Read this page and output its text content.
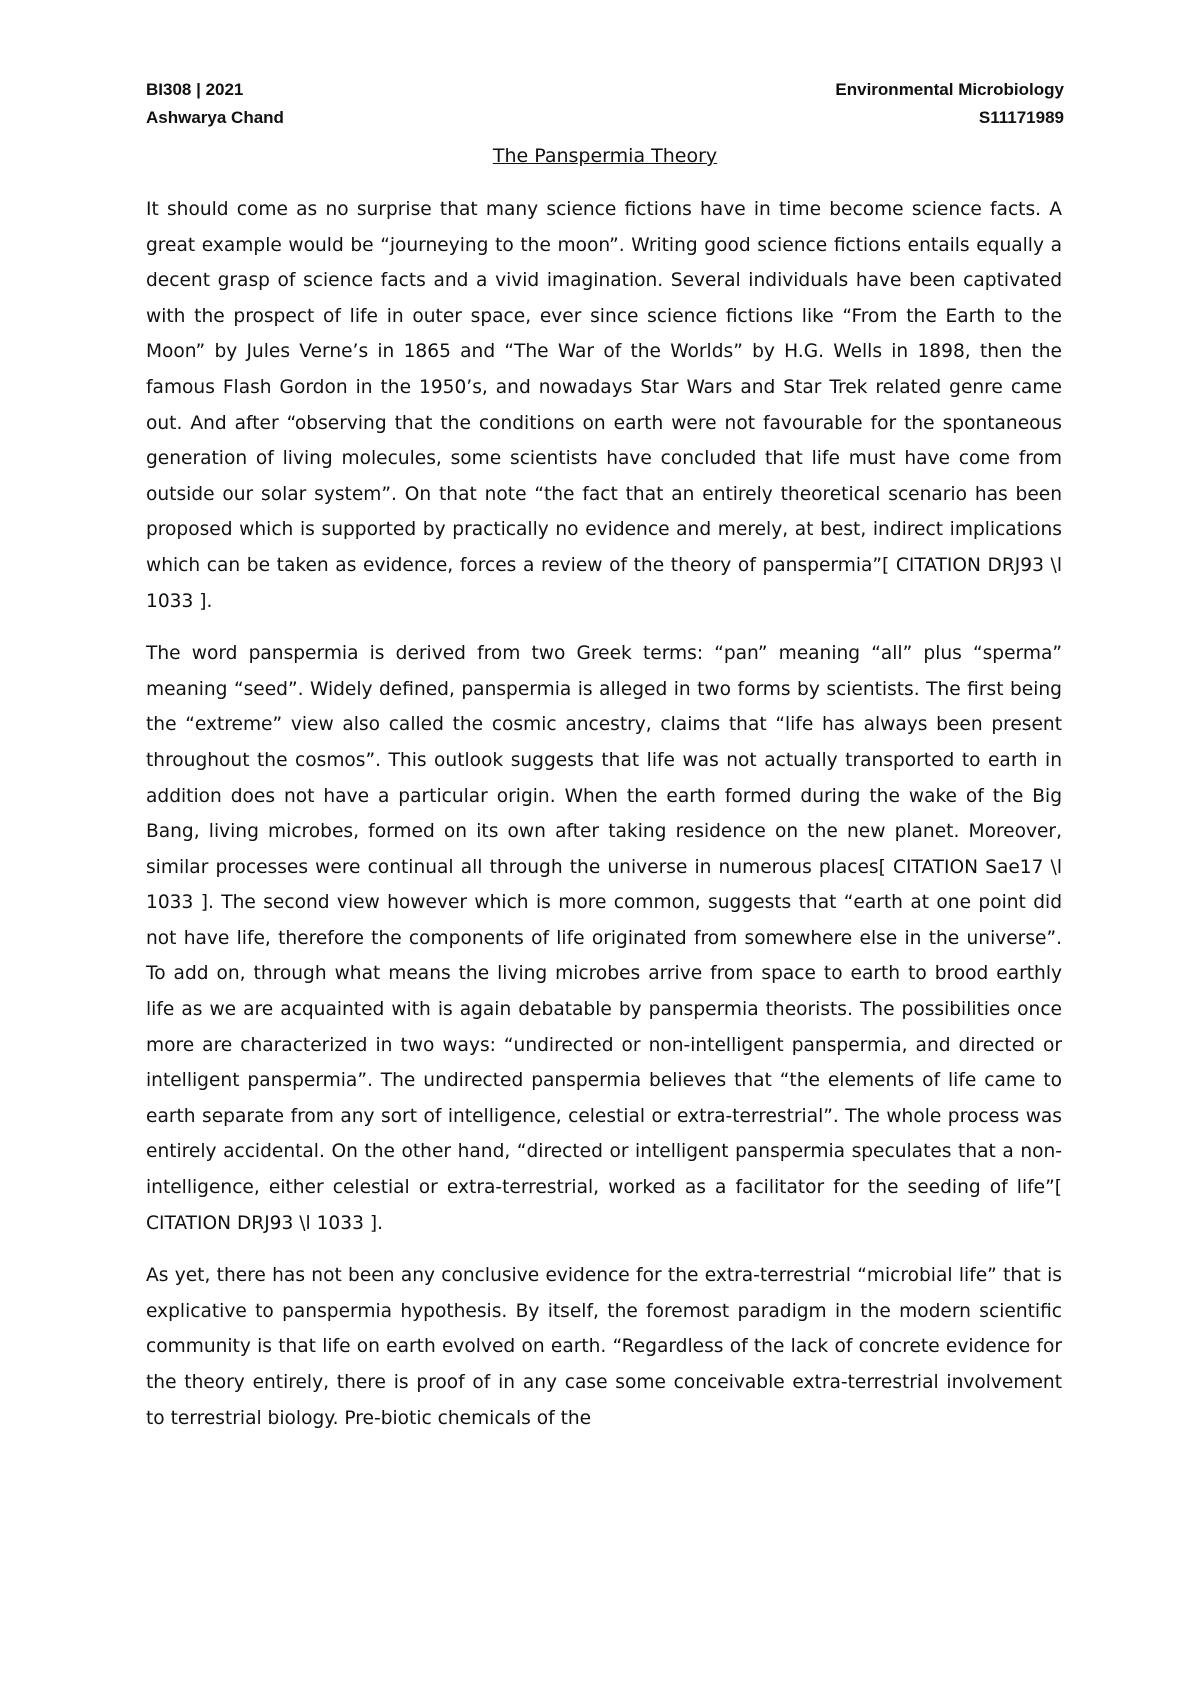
BI308 | 2021
Ashwarya Chand
Environmental Microbiology
S11171989
The Panspermia Theory

It should come as no surprise that many science fictions have in time become science facts. A great example would be “journeying to the moon”. Writing good science fictions entails equally a decent grasp of science facts and a vivid imagination. Several individuals have been captivated with the prospect of life in outer space, ever since science fictions like “From the Earth to the Moon” by Jules Verne’s in 1865 and “The War of the Worlds” by H.G. Wells in 1898, then the famous Flash Gordon in the 1950’s, and nowadays Star Wars and Star Trek related genre came out. And after “observing that the conditions on earth were not favourable for the spontaneous generation of living molecules, some scientists have concluded that life must have come from outside our solar system”. On that note “the fact that an entirely theoretical scenario has been proposed which is supported by practically no evidence and merely, at best, indirect implications which can be taken as evidence, forces a review of the theory of panspermia”[ CITATION DRJ93 \l 1033 ].

The word panspermia is derived from two Greek terms: “pan” meaning “all” plus “sperma” meaning “seed”. Widely defined, panspermia is alleged in two forms by scientists. The first being the “extreme” view also called the cosmic ancestry, claims that “life has always been present throughout the cosmos”. This outlook suggests that life was not actually transported to earth in addition does not have a particular origin. When the earth formed during the wake of the Big Bang, living microbes, formed on its own after taking residence on the new planet. Moreover, similar processes were continual all through the universe in numerous places[ CITATION Sae17 \l 1033 ]. The second view however which is more common, suggests that “earth at one point did not have life, therefore the components of life originated from somewhere else in the universe”. To add on, through what means the living microbes arrive from space to earth to brood earthly life as we are acquainted with is again debatable by panspermia theorists. The possibilities once more are characterized in two ways: “undirected or non-intelligent panspermia, and directed or intelligent panspermia”. The undirected panspermia believes that “the elements of life came to earth separate from any sort of intelligence, celestial or extra-terrestrial”. The whole process was entirely accidental. On the other hand, “directed or intelligent panspermia speculates that a non-intelligence, either celestial or extra-terrestrial, worked as a facilitator for the seeding of life”[ CITATION DRJ93 \l 1033 ].

As yet, there has not been any conclusive evidence for the extra-terrestrial “microbial life” that is explicative to panspermia hypothesis. By itself, the foremost paradigm in the modern scientific community is that life on earth evolved on earth. “Regardless of the lack of concrete evidence for the theory entirely, there is proof of in any case some conceivable extra-terrestrial involvement to terrestrial biology. Pre-biotic chemicals of the
